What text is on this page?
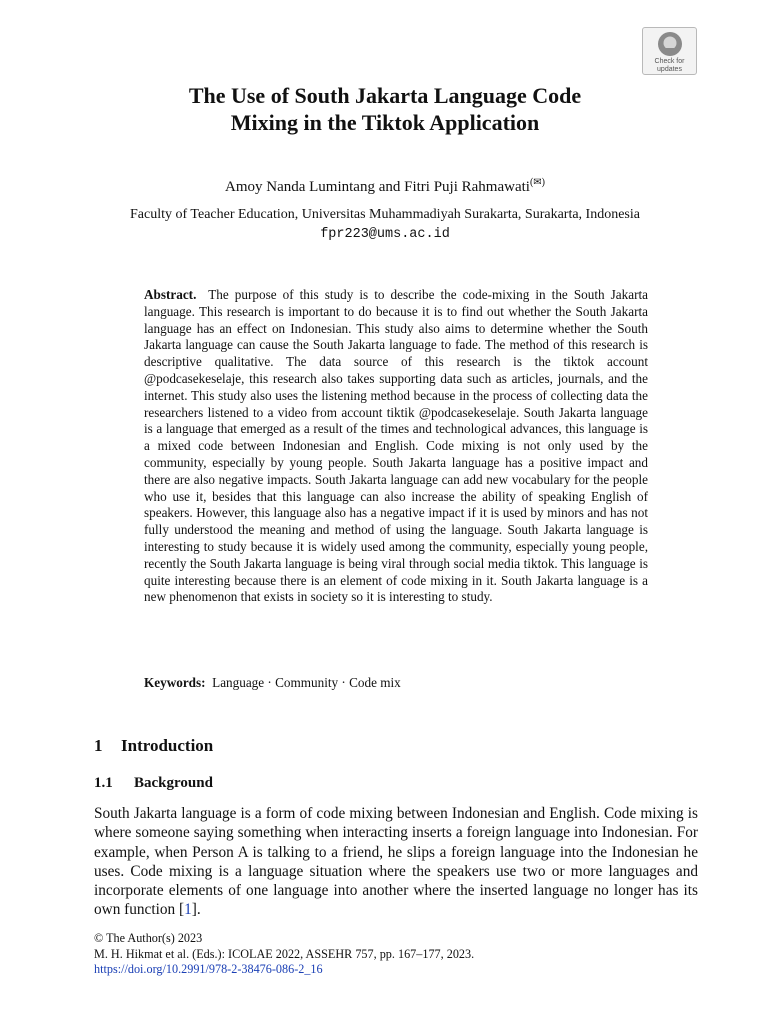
Check for
updates
The Use of South Jakarta Language Code
Mixing in the Tiktok Application
Amoy Nanda Lumintang and Fitri Puji Rahmawati(✉)
Faculty of Teacher Education, Universitas Muhammadiyah Surakarta, Surakarta, Indonesia
fpr223@ums.ac.id
Abstract. The purpose of this study is to describe the code-mixing in the South Jakarta language. This research is important to do because it is to find out whether the South Jakarta language has an effect on Indonesian. This study also aims to determine whether the South Jakarta language can cause the South Jakarta language to fade. The method of this research is descriptive qualitative. The data source of this research is the tiktok account @podcasekeselaje, this research also takes supporting data such as articles, journals, and the internet. This study also uses the listening method because in the process of collecting data the researchers listened to a video from account tiktik @podcasekeselaje. South Jakarta language is a language that emerged as a result of the times and technological advances, this language is a mixed code between Indonesian and English. Code mixing is not only used by the community, especially by young people. South Jakarta language has a positive impact and there are also negative impacts. South Jakarta language can add new vocabulary for the people who use it, besides that this language can also increase the ability of speaking English of speakers. However, this language also has a negative impact if it is used by minors and has not fully understood the meaning and method of using the language. South Jakarta language is interesting to study because it is widely used among the community, especially young people, recently the South Jakarta language is being viral through social media tiktok. This language is quite interesting because there is an element of code mixing in it. South Jakarta language is a new phenomenon that exists in society so it is interesting to study.
Keywords: Language · Community · Code mix
1 Introduction
1.1 Background

South Jakarta language is a form of code mixing between Indonesian and English. Code mixing is where someone saying something when interacting inserts a foreign language into Indonesian. For example, when Person A is talking to a friend, he slips a foreign language into the Indonesian he uses. Code mixing is a language situation where the speakers use two or more languages and incorporate elements of one language into another where the inserted language no longer has its own function [1].

© The Author(s) 2023
M. H. Hikmat et al. (Eds.): ICOLAE 2022, ASSEHR 757, pp. 167–177, 2023.
https://doi.org/10.2991/978-2-38476-086-2_16
